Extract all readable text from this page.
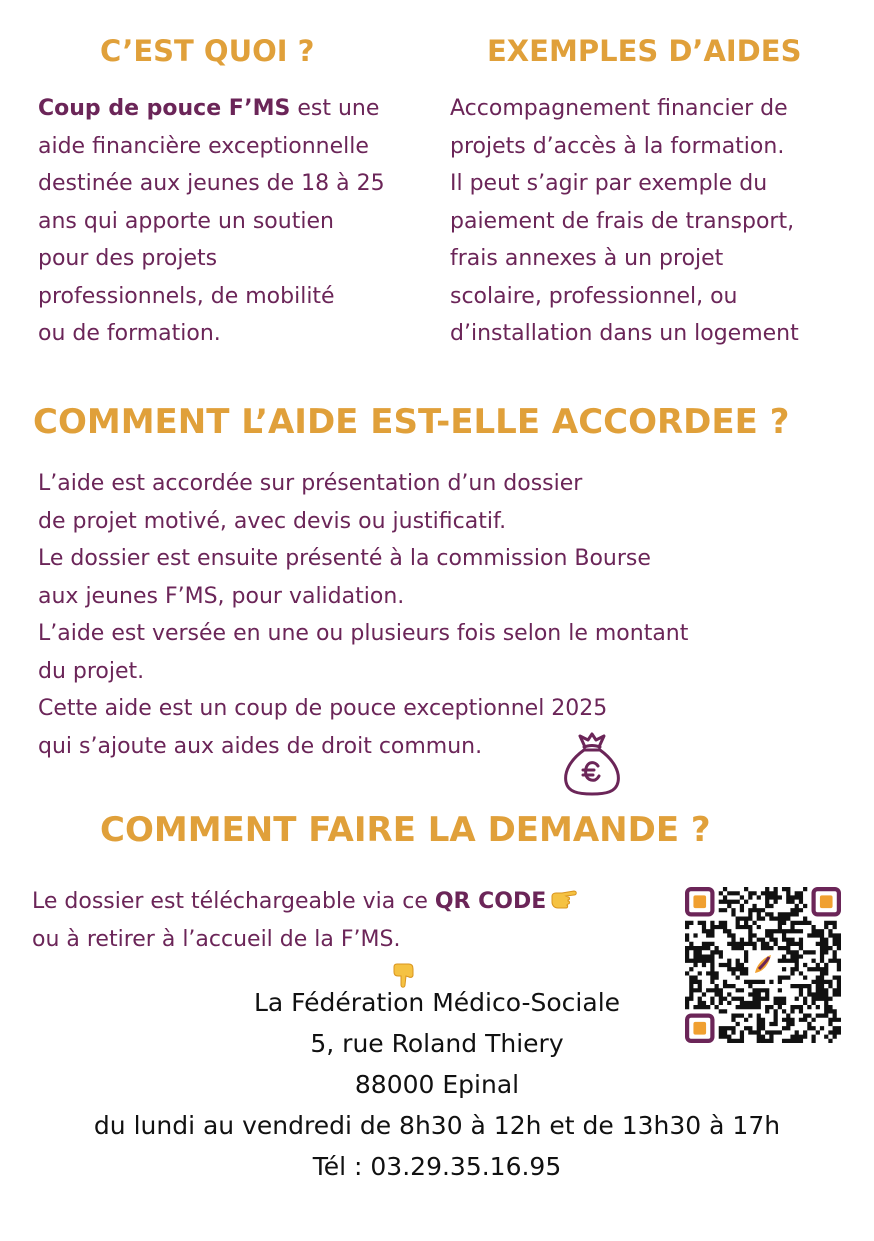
C’EST QUOI ?
Coup de pouce F’MS est une
aide financière exceptionnelle
destinée aux jeunes de 18 à 25
ans qui apporte un soutien
pour des projets
professionnels, de mobilité
ou de formation.
EXEMPLES D’AIDES
Accompagnement financier de
projets d’accès à la formation.
Il peut s’agir par exemple du
paiement de frais de transport,
frais annexes à un projet
scolaire, professionnel, ou
d’installation dans un logement
COMMENT L’AIDE EST-ELLE ACCORDEE ?
L’aide est accordée sur présentation d’un dossier
de projet motivé, avec devis ou justificatif.
Le dossier est ensuite présenté à la commission Bourse
aux jeunes F’MS, pour validation.
L’aide est versée en une ou plusieurs fois selon le montant
du projet.
Cette aide est un coup de pouce exceptionnel 2025
qui s’ajoute aux aides de droit commun.
COMMENT FAIRE LA DEMANDE ?
Le dossier est téléchargeable via ce QR CODE
ou à retirer à l’accueil de la F’MS.
La Fédération Médico-Sociale
5, rue Roland Thiery
88000 Epinal
du lundi au vendredi de 8h30 à 12h et de 13h30 à 17h
Tél : 03.29.35.16.95
